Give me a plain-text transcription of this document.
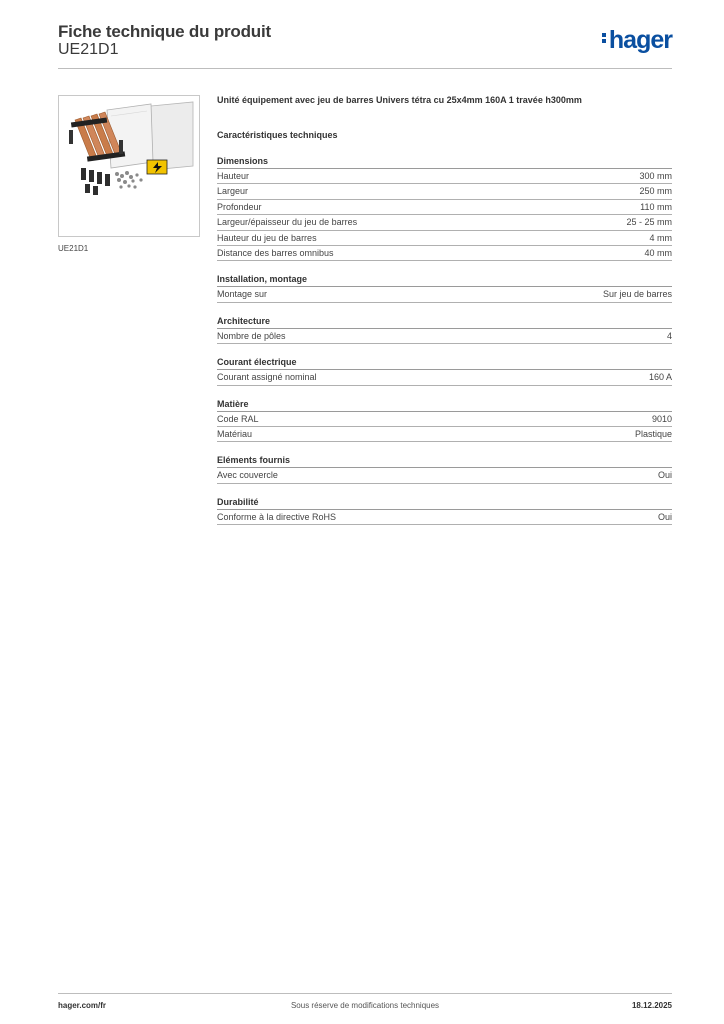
Fiche technique du produit
UE21D1	hager
UE21D1
Unité équipement avec jeu de barres Univers tétra cu 25x4mm 160A 1 travée h300mm
Caractéristiques techniques
Dimensions
Hauteur	300 mm
Largeur	250 mm
Profondeur	110 mm
Largeur/épaisseur du jeu de barres	25 - 25 mm
Hauteur du jeu de barres	4 mm
Distance des barres omnibus	40 mm
Installation, montage
Montage sur	Sur jeu de barres
Architecture
Nombre de pôles	4
Courant électrique
Courant assigné nominal	160 A
Matière
Code RAL	9010
Matériau	Plastique
Eléments fournis
Avec couvercle	Oui
Durabilité
Conforme à la directive RoHS	Oui
hager.com/fr	Sous réserve de modifications techniques	18.12.2025
